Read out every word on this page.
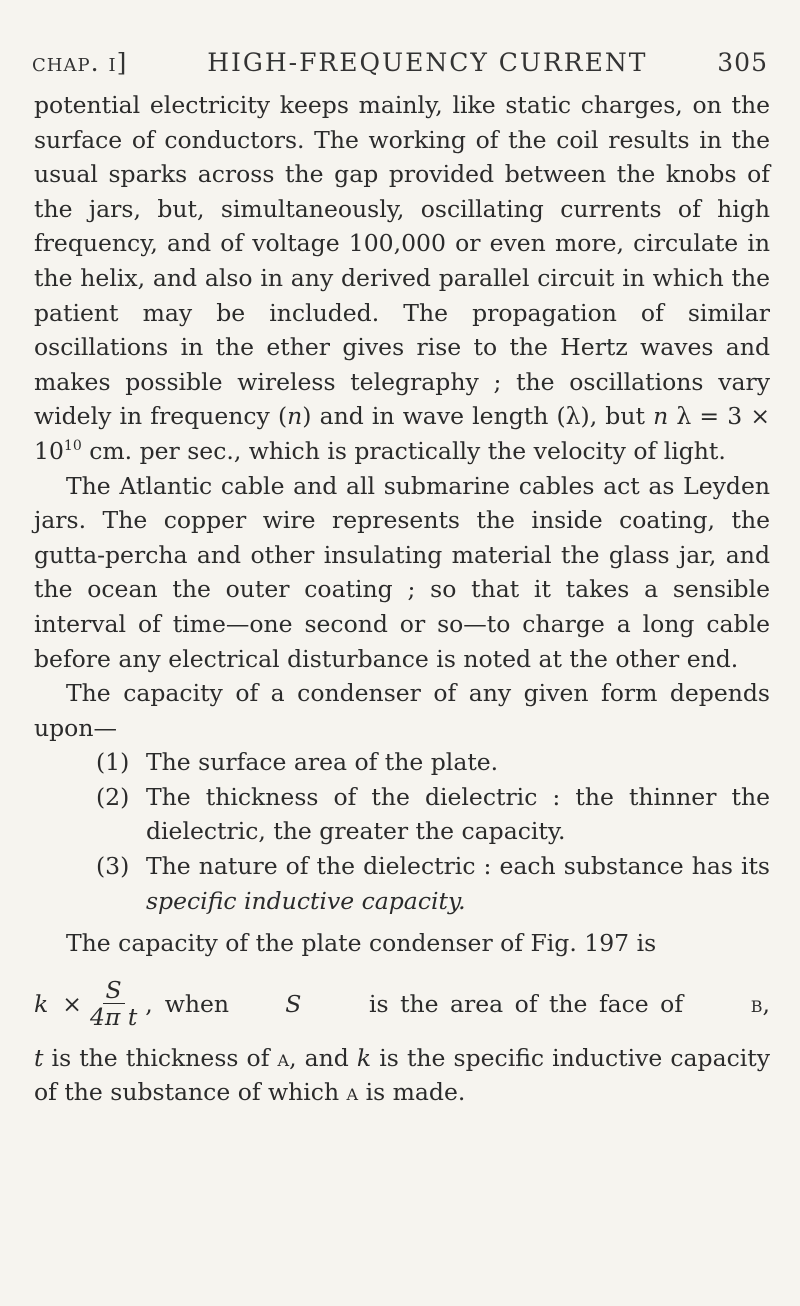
chap. i]	HIGH-FREQUENCY CURRENT	305

potential electricity keeps mainly, like static charges, on the surface of conductors. The working of the coil results in the usual sparks across the gap provided between the knobs of the jars, but, simultaneously, oscillating currents of high frequency, and of voltage 100,000 or even more, circulate in the helix, and also in any derived parallel circuit in which the patient may be included. The propagation of similar oscillations in the ether gives rise to the Hertz waves and makes possible wireless telegraphy ; the oscillations vary widely in frequency (n) and in wave length (λ), but n $\lambda = 3 \times 10^{10}$ cm. per sec., which is practically the velocity of light.

The Atlantic cable and all submarine cables act as Leyden jars. The copper wire represents the inside coating, the gutta-percha and other insulating material the glass jar, and the ocean the outer coating ; so that it takes a sensible interval of time—one second or so—to charge a long cable before any electrical disturbance is noted at the other end.

The capacity of a condenser of any given form depends upon—

(1) The surface area of the plate.
(2) The thickness of the dielectric : the thinner the dielectric, the greater the capacity.
(3) The nature of the dielectric : each substance has its specific inductive capacity.

The capacity of the plate condenser of Fig. 197 is

$k \times \frac{S}{\text{4π t}}$ , when S is the area of the face of b,

t is the thickness of a, and k is the specific inductive capacity of the substance of which a is made.
